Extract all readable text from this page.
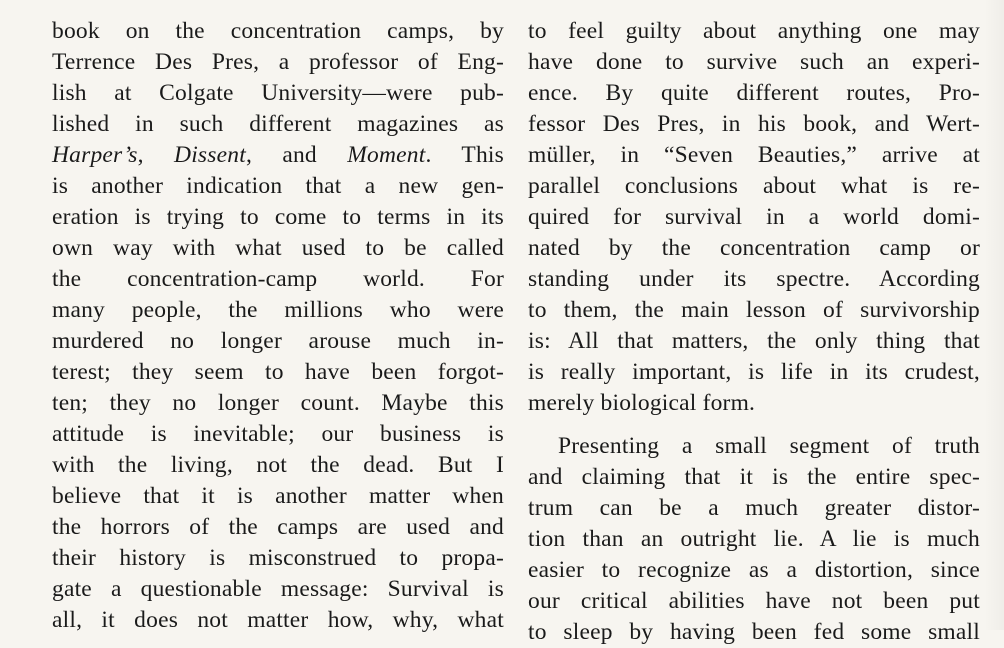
book on the concentration camps, by
Terrence Des Pres, a professor of Eng-
lish at Colgate University—were pub-
lished in such different magazines as
Harper’s, Dissent, and Moment. This
is another indication that a new gen-
eration is trying to come to terms in its
own way with what used to be called
the concentration-camp world. For
many people, the millions who were
murdered no longer arouse much in-
terest; they seem to have been forgot-
ten; they no longer count. Maybe this
attitude is inevitable; our business is
with the living, not the dead. But I
believe that it is another matter when
the horrors of the camps are used and
their history is misconstrued to propa-
gate a questionable message: Survival is
all, it does not matter how, why, what
to feel guilty about anything one may
have done to survive such an experi-
ence. By quite different routes, Pro-
fessor Des Pres, in his book, and Wert-
müller, in “Seven Beauties,” arrive at
parallel conclusions about what is re-
quired for survival in a world domi-
nated by the concentration camp or
standing under its spectre. According
to them, the main lesson of survivorship
is: All that matters, the only thing that
is really important, is life in its crudest,
merely biological form.
Presenting a small segment of truth
and claiming that it is the entire spec-
trum can be a much greater distor-
tion than an outright lie. A lie is much
easier to recognize as a distortion, since
our critical abilities have not been put
to sleep by having been fed some small
